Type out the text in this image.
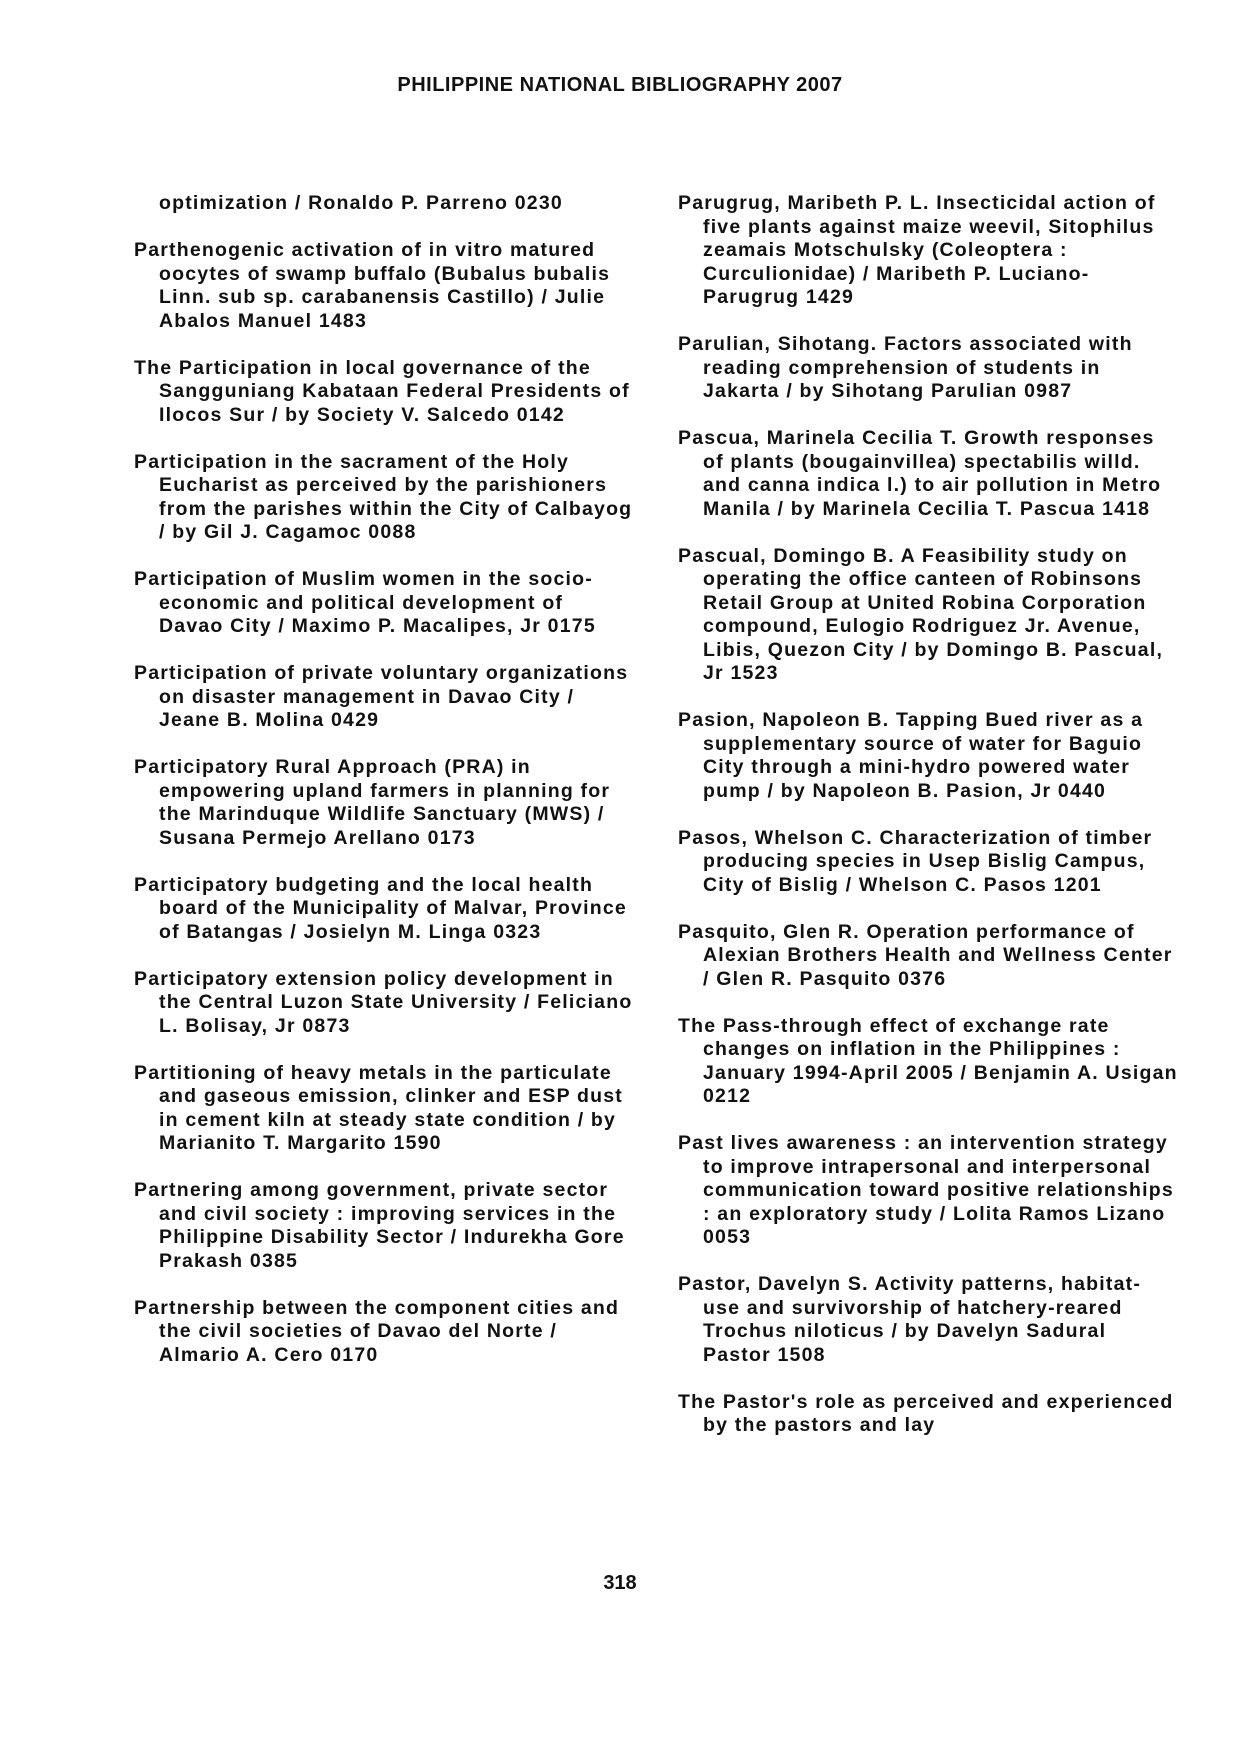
PHILIPPINE NATIONAL BIBLIOGRAPHY 2007

optimization / Ronaldo P. Parreno 0230

Parthenogenic activation of in vitro matured oocytes of swamp buffalo (Bubalus bubalis Linn. sub sp. carabanensis Castillo) / Julie Abalos Manuel 1483

The Participation in local governance of the Sangguniang Kabataan Federal Presidents of Ilocos Sur / by Society V. Salcedo 0142

Participation in the sacrament of the Holy Eucharist as perceived by the parishioners from the parishes within the City of Calbayog / by Gil J. Cagamoc 0088

Participation of Muslim women in the socio-economic and political development of Davao City / Maximo P. Macalipes, Jr 0175

Participation of private voluntary organizations on disaster management in Davao City / Jeane B. Molina 0429

Participatory Rural Approach (PRA) in empowering upland farmers in planning for the Marinduque Wildlife Sanctuary (MWS) / Susana Permejo Arellano 0173

Participatory budgeting and the local health board of the Municipality of Malvar, Province of Batangas / Josielyn M. Linga 0323

Participatory extension policy development in the Central Luzon State University / Feliciano L. Bolisay, Jr 0873

Partitioning of heavy metals in the particulate and gaseous emission, clinker and ESP dust in cement kiln at steady state condition / by Marianito T. Margarito 1590

Partnering among government, private sector and civil society : improving services in the Philippine Disability Sector / Indurekha Gore Prakash 0385

Partnership between the component cities and the civil societies of Davao del Norte / Almario A. Cero 0170

Parugrug, Maribeth P. L. Insecticidal action of five plants against maize weevil, Sitophilus zeamais Motschulsky (Coleoptera : Curculionidae) / Maribeth P. Luciano-Parugrug 1429

Parulian, Sihotang. Factors associated with reading comprehension of students in Jakarta / by Sihotang Parulian 0987

Pascua, Marinela Cecilia T. Growth responses of plants (bougainvillea) spectabilis willd. and canna indica l.) to air pollution in Metro Manila / by Marinela Cecilia T. Pascua 1418

Pascual, Domingo B. A Feasibility study on operating the office canteen of Robinsons Retail Group at United Robina Corporation compound, Eulogio Rodriguez Jr. Avenue, Libis, Quezon City / by Domingo B. Pascual, Jr 1523

Pasion, Napoleon B. Tapping Bued river as a supplementary source of water for Baguio City through a mini-hydro powered water pump / by Napoleon B. Pasion, Jr 0440

Pasos, Whelson C. Characterization of timber producing species in Usep Bislig Campus, City of Bislig / Whelson C. Pasos 1201

Pasquito, Glen R. Operation performance of Alexian Brothers Health and Wellness Center / Glen R. Pasquito 0376

The Pass-through effect of exchange rate changes on inflation in the Philippines : January 1994-April 2005 / Benjamin A. Usigan 0212

Past lives awareness : an intervention strategy to improve intrapersonal and interpersonal communication toward positive relationships : an exploratory study / Lolita Ramos Lizano 0053

Pastor, Davelyn S. Activity patterns, habitat-use and survivorship of hatchery-reared Trochus niloticus / by Davelyn Sadural Pastor 1508

The Pastor's role as perceived and experienced by the pastors and lay

318
